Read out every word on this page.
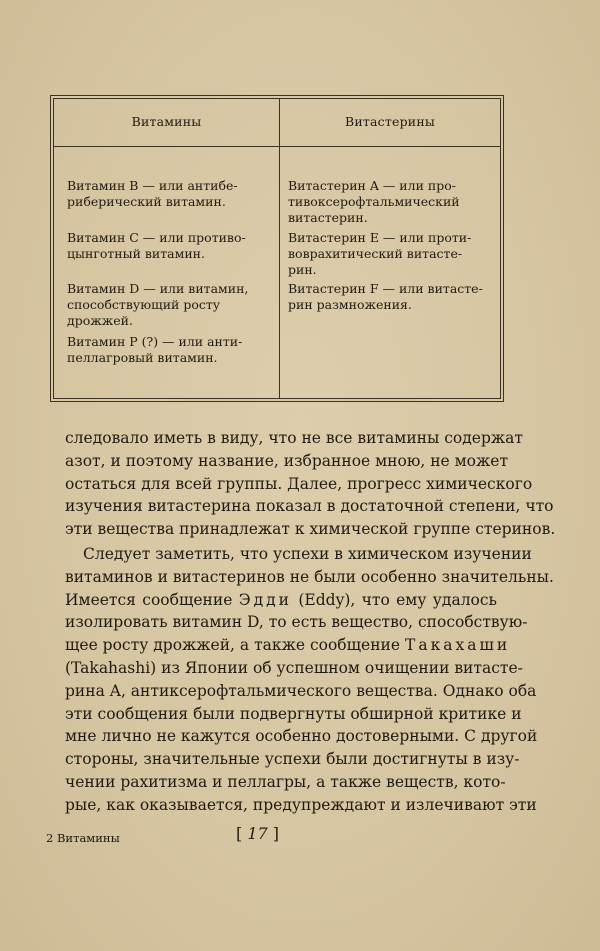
Витамины	Витастерины
Витамин B — или антибе-
риберический витамин.
Витамин C — или противо-
цынготный витамин.
Витамин D — или витамин,
способствующий росту
дрожжей.
Витамин P (?) — или анти-
пеллагровый витамин.
Витастерин A — или про-
тивоксерофтальмический
витастерин.
Витастерин E — или проти-
воврахитический витасте-
рин.
Витастерин F — или витасте-
рин размножения.
следовало иметь в виду, что не все витамины содержат
азот, и поэтому название, избранное мною, не может
остаться для всей группы. Далее, прогресс химического
изучения витастерина показал в достаточной степени, что
эти вещества принадлежат к химической группе стеринов.
Следует заметить, что успехи в химическом изучении
витаминов и витастеринов не были особенно значительны.
Имеется сообщение Эдди (Eddy), что ему удалось
изолировать витамин D, то есть вещество, способствую-
щее росту дрожжей, а также сообщение Такахаши
(Takahashi) из Японии об успешном очищении витасте-
рина A, антиксерофтальмического вещества. Однако оба
эти сообщения были подвергнуты обширной критике и
мне лично не кажутся особенно достоверными. С другой
стороны, значительные успехи были достигнуты в изу-
чении рахитизма и пеллагры, а также веществ, кото-
рые, как оказывается, предупреждают и излечивают эти
2 Витамины	[ 17 ]
